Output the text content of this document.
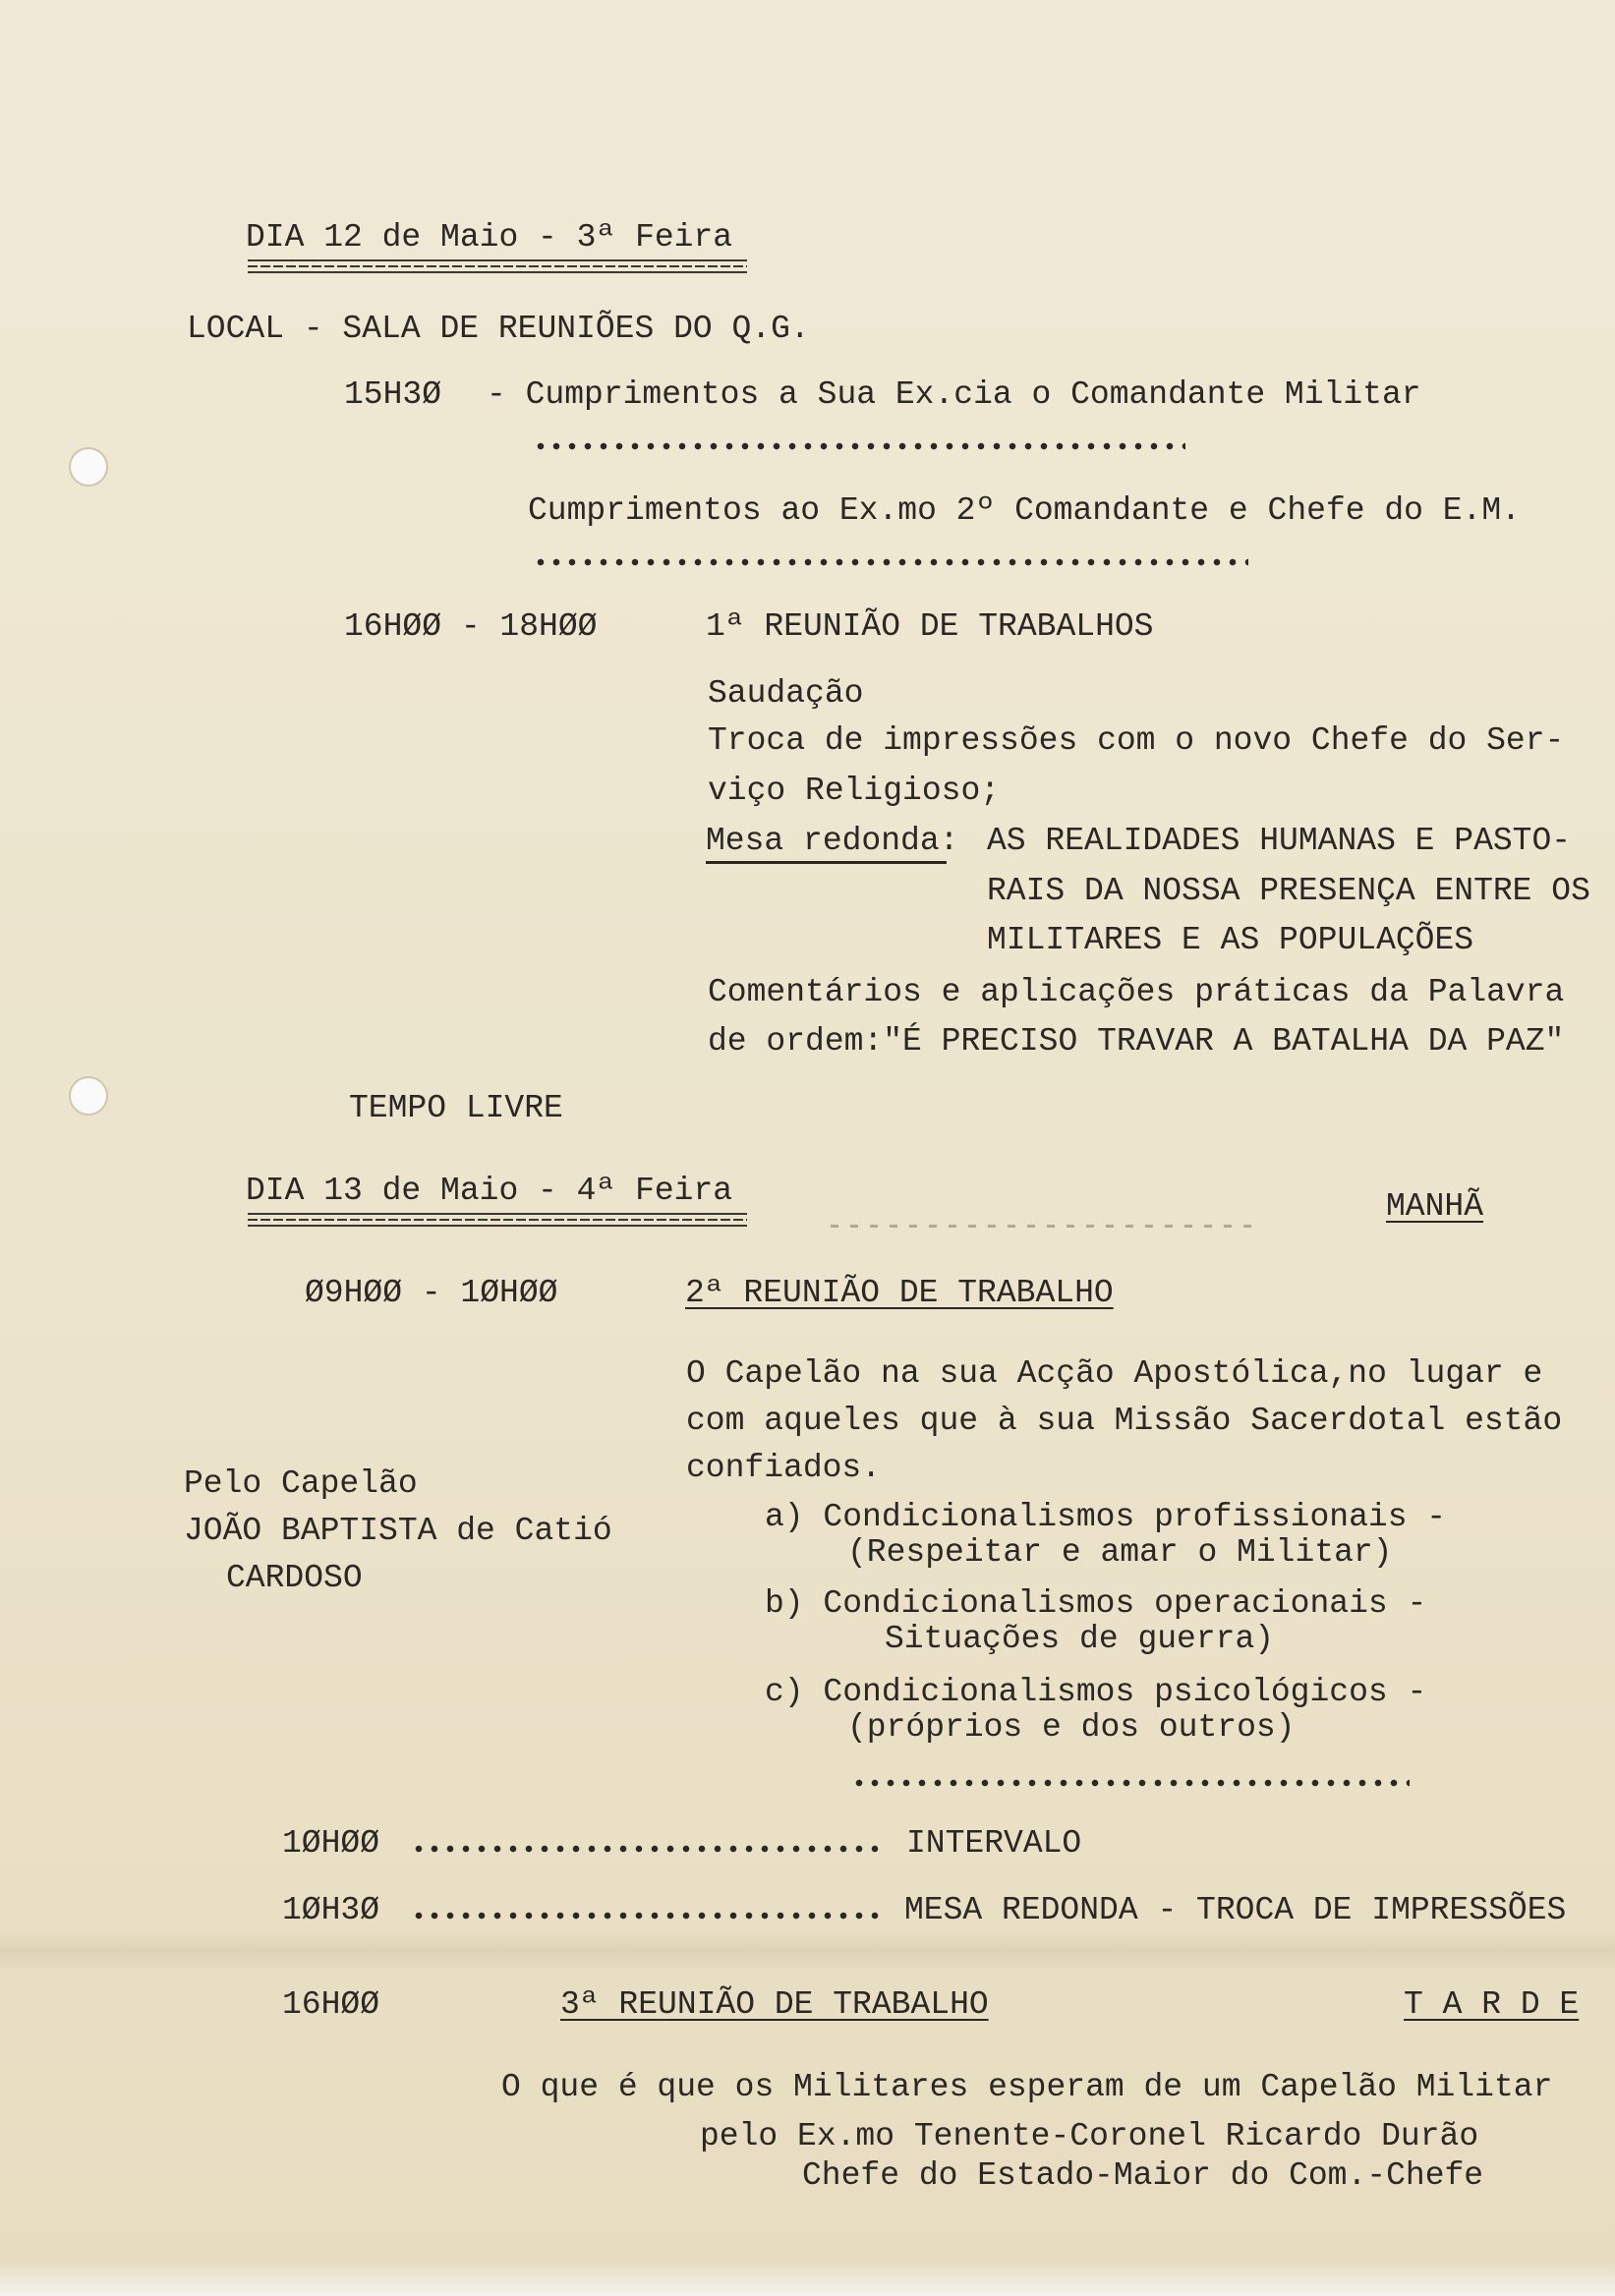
DIA 12 de Maio - 3ª Feira
LOCAL - SALA DE REUNIÕES DO Q.G.
15H3Ø - Cumprimentos a Sua Ex.cia o Comandante Militar
Cumprimentos ao Ex.mo 2º Comandante e Chefe do E.M.
16HØØ - 18HØØ	1ª REUNIÃO DE TRABALHOS
Saudação
Troca de impressões com o novo Chefe do Ser-
viço Religioso;
Mesa redonda: AS REALIDADES HUMANAS E PASTO-
RAIS DA NOSSA PRESENÇA ENTRE OS
MILITARES E AS POPULAÇÕES
Comentários e aplicações práticas da Palavra
de ordem:"É PRECISO TRAVAR A BATALHA DA PAZ"
TEMPO LIVRE
DIA 13 de Maio - 4ª Feira	MANHÃ
Ø9HØØ - 1ØHØØ	2ª REUNIÃO DE TRABALHO
O Capelão na sua Acção Apostólica,no lugar e
com aqueles que à sua Missão Sacerdotal estão
confiados.
Pelo Capelão
JOÃO BAPTISTA de Catió
CARDOSO
a) Condicionalismos profissionais -
(Respeitar e amar o Militar)
b) Condicionalismos operacionais -
Situações de guerra)
c) Condicionalismos psicológicos -
(próprios e dos outros)
1ØHØØ	INTERVALO
1ØH3Ø	MESA REDONDA - TROCA DE IMPRESSÕES
16HØØ	3ª REUNIÃO DE TRABALHO	T A R D E
O que é que os Militares esperam de um Capelão Militar
pelo Ex.mo Tenente-Coronel Ricardo Durão
Chefe do Estado-Maior do Com.-Chefe
